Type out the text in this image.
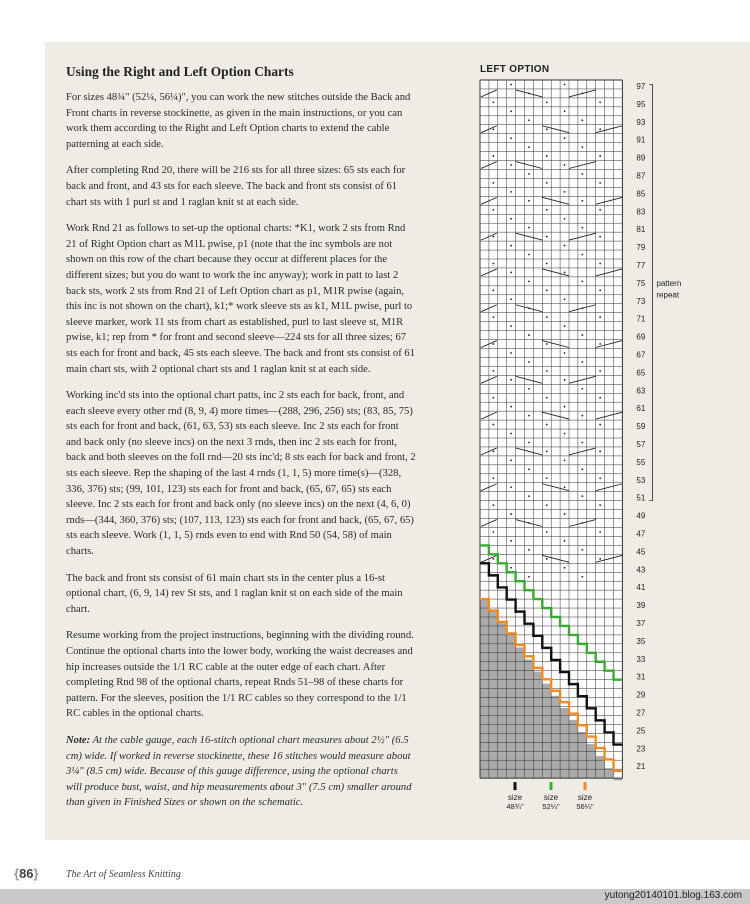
Using the Right and Left Option Charts

For sizes 48¾" (52¼, 56¼)", you can work the new stitches outside the Back and Front charts in reverse stockinette, as given in the main instructions, or you can work them according to the Right and Left Option charts to extend the cable patterning at each side.

After completing Rnd 20, there will be 216 sts for all three sizes: 65 sts each for back and front, and 43 sts for each sleeve. The back and front sts consist of 61 chart sts with 1 purl st and 1 raglan knit st at each side.

Work Rnd 21 as follows to set-up the optional charts: *K1, work 2 sts from Rnd 21 of Right Option chart as M1L pwise, p1 (note that the inc symbols are not shown on this row of the chart because they occur at different places for the different sizes; but you do want to work the inc anyway); work in patt to last 2 back sts, work 2 sts from Rnd 21 of Left Option chart as p1, M1R pwise (again, this inc is not shown on the chart), k1;* work sleeve sts as k1, M1L pwise, purl to sleeve marker, work 11 sts from chart as established, purl to last sleeve st, M1R pwise, k1; rep from * for front and second sleeve—224 sts for all three sizes; 67 sts each for front and back, 45 sts each sleeve. The back and front sts consist of 61 main chart sts, with 2 optional chart sts and 1 raglan knit st at each side.

Working inc'd sts into the optional chart patts, inc 2 sts each for back, front, and each sleeve every other rnd (8, 9, 4) more times—(288, 296, 256) sts; (83, 85, 75) sts each for front and back, (61, 63, 53) sts each sleeve. Inc 2 sts each for front and back only (no sleeve incs) on the next 3 rnds, then inc 2 sts each for front, back and both sleeves on the foll rnd—20 sts inc'd; 8 sts each for back and front, 2 sts each sleeve. Rep the shaping of the last 4 rnds (1, 1, 5) more time(s)—(328, 336, 376) sts; (99, 101, 123) sts each for front and back, (65, 67, 65) sts each sleeve. Inc 2 sts each for front and back only (no sleeve incs) on the next (4, 6, 0) rnds—(344, 360, 376) sts; (107, 113, 123) sts each for front and back, (65, 67, 65) sts each sleeve. Work (1, 1, 5) rnds even to end with Rnd 50 (54, 58) of main charts.

The back and front sts consist of 61 main chart sts in the center plus a 16-st optional chart, (6, 9, 14) rev St sts, and 1 raglan knit st on each side of the main chart.

Resume working from the project instructions, beginning with the dividing round. Continue the optional charts into the lower body, working the waist decreases and hip increases outside the 1/1 RC cable at the outer edge of each chart. After completing Rnd 98 of the optional charts, repeat Rnds 51–98 of these charts for pattern. For the sleeves, position the 1/1 RC cables so they correspond to the 1/1 RC cables in the optional charts.

Note: At the cable gauge, each 16-stitch optional chart measures about 2½" (6.5 cm) wide. If worked in reverse stockinette, these 16 stitches would measure about 3¼" (8.5 cm) wide. Because of this gauge difference, using the optional charts will produce bust, waist, and hip measurements about 3" (7.5 cm) smaller around than given in Finished Sizes or shown on the schematic.

LEFT OPTION
97
95
93
91
89
87
85
83
81
79
77
75
73
71
69
67
65
63
61
59
57
55
53
51
49
47
45
43
41
39
37
35
33
31
29
27
25
23
21
pattern
repeat
size
48¾"
size
52¼"
size
56¼"
{86}	The Art of Seamless Knitting
yutong20140101.blog.163.com
